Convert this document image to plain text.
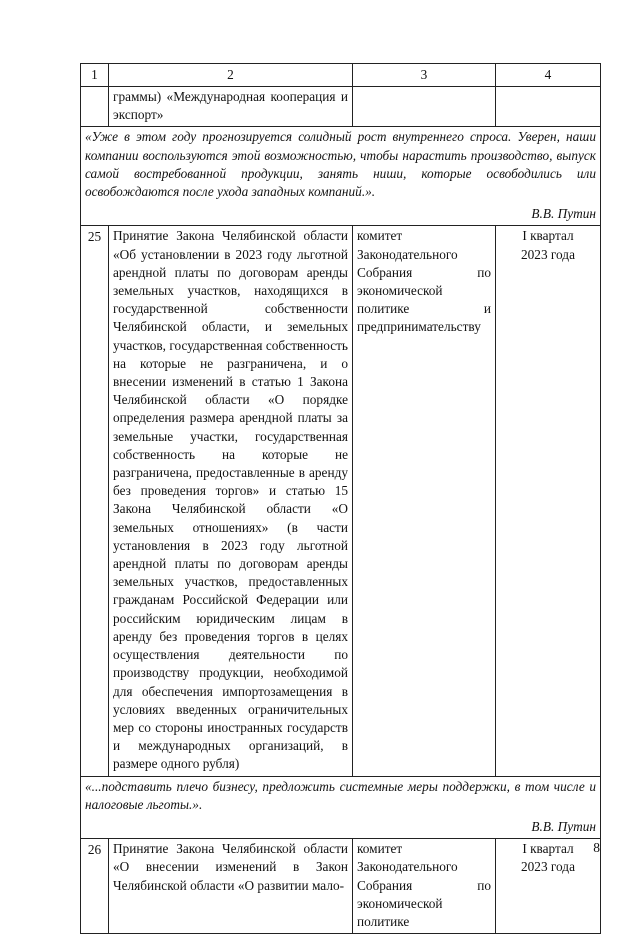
1	2	3	4
	граммы) «Международная кооперация и экспорт»		

«Уже в этом году прогнозируется солидный рост внутреннего спроса. Уверен, наши компании воспользуются этой возможностью, чтобы нарастить производство, выпуск самой востребованной продукции, занять ниши, которые освободились или освобождаются после ухода западных компаний.».
В.В. Путин			

25	Принятие Закона Челябинской области «Об установлении в 2023 году льготной арендной платы по договорам аренды земельных участков, находящихся в государственной собственности Челябинской области, и земельных участков, государственная собственность на которые не разграничена, и о внесении изменений в статью 1 Закона Челябинской области «О порядке определения размера арендной платы за земельные участки, государственная собственность на которые не разграничена, предоставленные в аренду без проведения торгов» и статью 15 Закона Челябинской области «О земельных отношениях» (в части установления в 2023 году льготной арендной платы по договорам аренды земельных участков, предоставленных гражданам Российской Федерации или российским юридическим лицам в аренду без проведения торгов в целях осуществления деятельности по производству продукции, необходимой для обеспечения импортозамещения в условиях введенных ограничительных мер со стороны иностранных государств и международных организаций, в размере одного рубля)	комитет Законодательного Собрания по экономической политике и предпринимательству	I квартал
2023 года

«...подставить плечо бизнесу, предложить системные меры поддержки, в том числе и налоговые льготы.».
В.В. Путин			

26	Принятие Закона Челябинской области «О внесении изменений в Закон Челябинской области «О развитии мало-	комитет Законодательного Собрания по экономической политике	I квартал
2023 года
8
